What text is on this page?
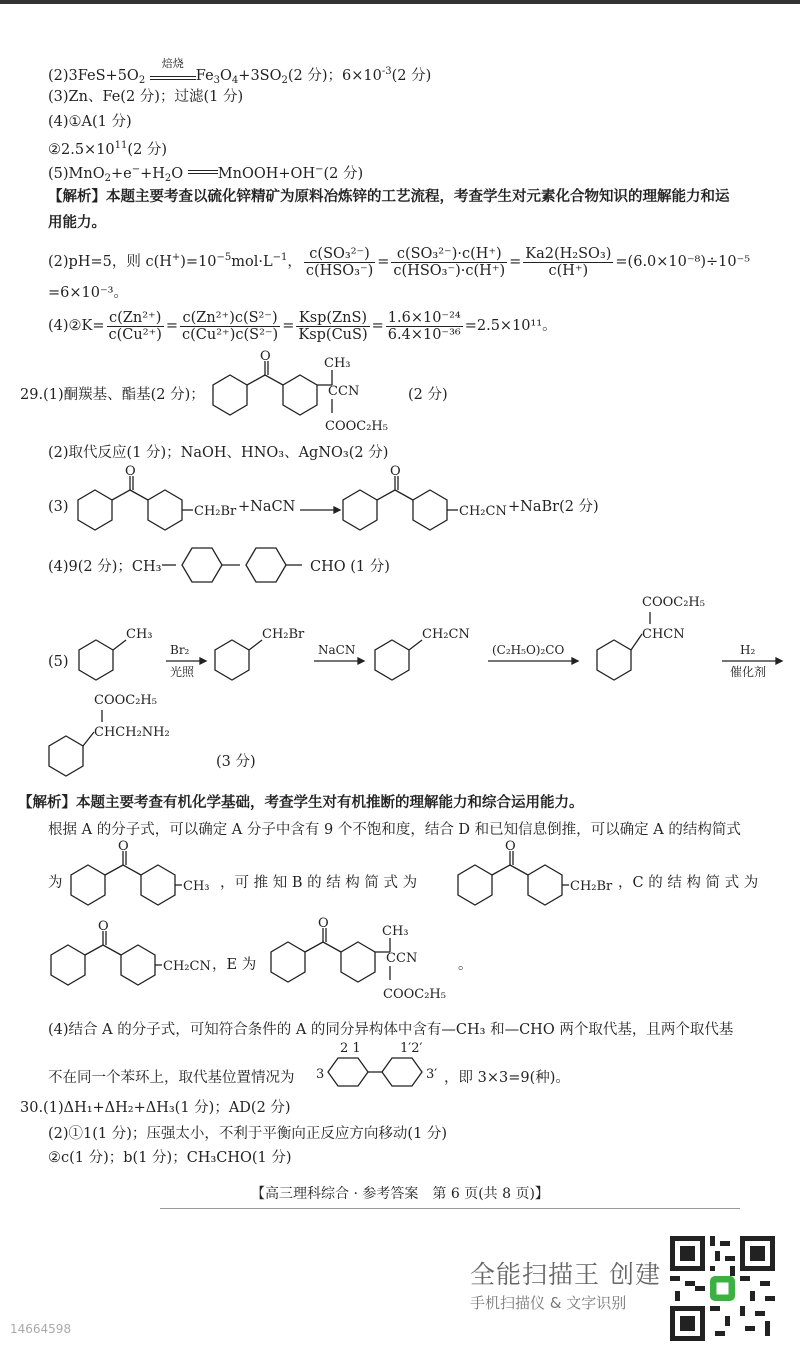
$(2)3FeS+5O_2$
焙烧
$Fe_3O_4+3SO_2(2$ 分)；$6\times 10^{-3}(2$ 分)
(3)Zn、Fe(2 分)；过滤(1 分)
(4)①A(1 分)
$②2.5\times 10^{11}(2$ 分)
$(5)MnO_2+e^-+H_2O$ MnOOH+OH−(2 分)
【解析】本题主要考查以硫化锌精矿为原料冶炼锌的工艺流程，考查学生对元素化合物知识的理解能力和运
用能力。
(2)pH=5，则 $c(H^+)=10^{-5}mol\cdot L^{-1}$， $\frac{\text{c(SO₃²⁻)}}{\text{c(HSO₃⁻)}} = \frac{\text{c(SO₃²⁻)·c(H⁺)}}{\text{c(HSO₃⁻)·c(H⁺)}} = \frac{\text{Ka2(H₂SO₃)}}{c(H^+)} =(6.0\times 10^{-8})\div 10^{-5}$
=6×10⁻³。
(4)②K= $\frac{\text{c(Zn²⁺)}}{\text{c(Cu²⁺)}} = \frac{\text{c(Zn²⁺)c(S²⁻)}}{\text{c(Cu²⁺)c(S²⁻)}} = \frac{\text{Ksp(ZnS)}}{\text{Ksp(CuS)}} = \frac{\text{1.6×10⁻²⁴}}{\text{6.4×10⁻³⁶}} =2.5\times 10^{11}$。
29.(1)酮羰基、酯基(2 分)；
O	CH₃
C CN
COOC₂H₅
(2 分)
(2)取代反应(1 分)；NaOH、HNO₃、AgNO₃(2 分)
(3)
O
CH₂Br +NaCN →
O
CH₂CN +NaBr(2 分)
(4)9(2 分)；CH₃	CHO (1 分)
(5)
CH₃
Br₂
光照
CH₂Br
NaCN
CH₂CN
(C₂H₅O)₂CO
COOC₂H₅
CHCN
H₂
催化剂
COOC₂H₅
CHCH₂NH₂
(3 分)
【解析】本题主要考查有机化学基础，考查学生对有机推断的理解能力和综合运用能力。
根据 A 的分子式，可以确定 A 分子中含有 9 个不饱和度，结合 D 和已知信息倒推，可以确定 A 的结构简式
为
O
CH₃ ，可 推 知 B 的 结 构 简 式 为
O
CH₂Br ，C 的 结 构 简 式 为
O
CH₂CN ，E 为
O
CH₃
C CN
COOC₂H₅
。
(4)结合 A 的分子式，可知符合条件的 A 的同分异构体中含有—CH₃ 和—CHO 两个取代基，且两个取代基
不在同一个苯环上，取代基位置情况为
2 1	1′2′
3	3′ ，即 3×3=9(种)。
30.(1)ΔH₁+ΔH₂+ΔH₃(1 分)；AD(2 分)
(2)①1(1 分)；压强太小，不利于平衡向正反应方向移动(1 分)
②c(1 分)；b(1 分)；CH₃CHO(1 分)
【高三理科综合 · 参考答案　第 6 页(共 8 页)】
全能扫描王 创建
手机扫描仪 & 文字识别
14664598
